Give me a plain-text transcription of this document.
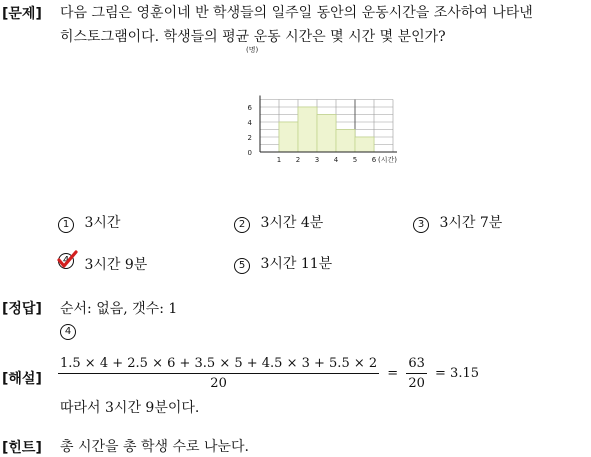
[문제] 다음 그림은 영훈이네 반 학생들의 일주일 동안의 운동시간을 조사하여 나타낸
히스토그램이다. 학생들의 평균 운동 시간은 몇 시간 몇 분인가?
1 2 3 4 5 6
0
2
4
6
(시간)
(명)
1 3시간	2 3시간 4분	3 3시간 7분
4	3시간 9분	5 3시간 11분
[정답] 순서: 없음, 갯수: 1
4
[해설] $\frac{1.5 \times 4 + 2.5 \times 6 + 3.5 \times 5 + 4.5 \times 3 + 5.5 \times 2}{20} = \frac{63}{20} = 3.15$
따라서 3시간 9분이다.
[힌트] 총 시간을 총 학생 수로 나눈다.
